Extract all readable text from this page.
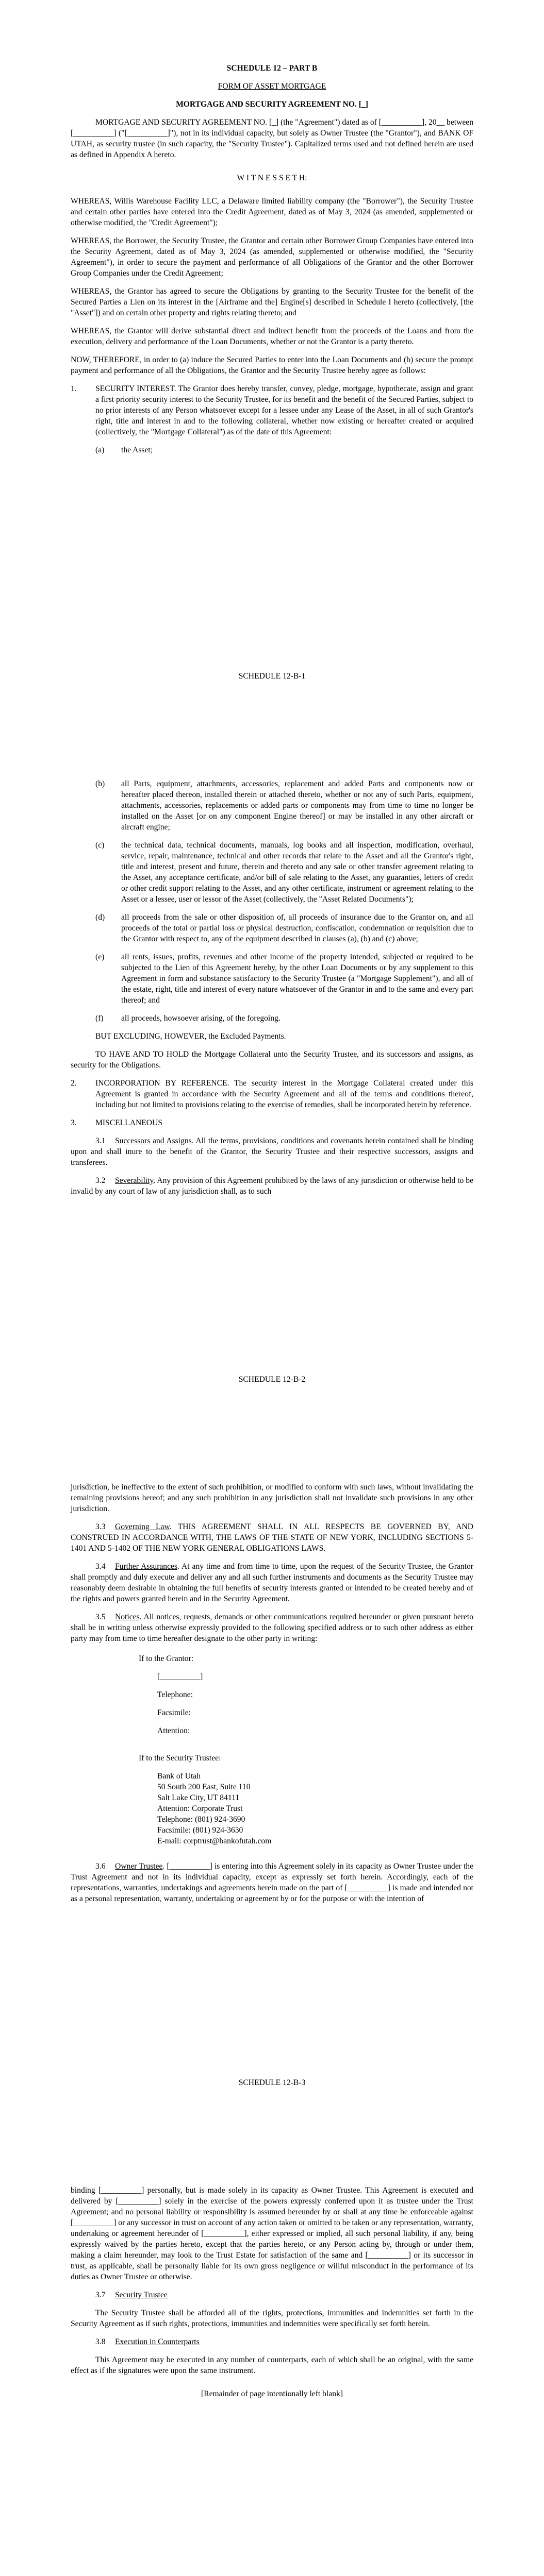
SCHEDULE 12 – PART B

FORM OF ASSET MORTGAGE

MORTGAGE AND SECURITY AGREEMENT NO. [_]

MORTGAGE AND SECURITY AGREEMENT NO. [_] (the "Agreement") dated as of [__________], 20__ between [__________] ("[__________]"), not in its individual capacity, but solely as Owner Trustee (the "Grantor"), and BANK OF UTAH, as security trustee (in such capacity, the "Security Trustee"). Capitalized terms used and not defined herein are used as defined in Appendix A hereto.

W I T N E S S E T H:

WHEREAS, Willis Warehouse Facility LLC, a Delaware limited liability company (the "Borrower"), the Security Trustee and certain other parties have entered into the Credit Agreement, dated as of May 3, 2024 (as amended, supplemented or otherwise modified, the "Credit Agreement");

WHEREAS, the Borrower, the Security Trustee, the Grantor and certain other Borrower Group Companies have entered into the Security Agreement, dated as of May 3, 2024 (as amended, supplemented or otherwise modified, the "Security Agreement"), in order to secure the payment and performance of all Obligations of the Grantor and the other Borrower Group Companies under the Credit Agreement;

WHEREAS, the Grantor has agreed to secure the Obligations by granting to the Security Trustee for the benefit of the Secured Parties a Lien on its interest in the [Airframe and the] Engine[s] described in Schedule I hereto (collectively, [the "Asset"]) and on certain other property and rights relating thereto; and

WHEREAS, the Grantor will derive substantial direct and indirect benefit from the proceeds of the Loans and from the execution, delivery and performance of the Loan Documents, whether or not the Grantor is a party thereto.

NOW, THEREFORE, in order to (a) induce the Secured Parties to enter into the Loan Documents and (b) secure the prompt payment and performance of all the Obligations, the Grantor and the Security Trustee hereby agree as follows:

1.	SECURITY INTEREST. The Grantor does hereby transfer, convey, pledge, mortgage, hypothecate, assign and grant a first priority security interest to the Security Trustee, for its benefit and the benefit of the Secured Parties, subject to no prior interests of any Person whatsoever except for a lessee under any Lease of the Asset, in all of such Grantor's right, title and interest in and to the following collateral, whether now existing or hereafter created or acquired (collectively, the "Mortgage Collateral") as of the date of this Agreement:
(a)	the Asset;

SCHEDULE 12-B-1

(b)	all Parts, equipment, attachments, accessories, replacement and added Parts and components now or hereafter placed thereon, installed therein or attached thereto, whether or not any of such Parts, equipment, attachments, accessories, replacements or added parts or components may from time to time no longer be installed on the Asset [or on any component Engine thereof] or may be installed in any other aircraft or aircraft engine;
(c)	the technical data, technical documents, manuals, log books and all inspection, modification, overhaul, service, repair, maintenance, technical and other records that relate to the Asset and all the Grantor's right, title and interest, present and future, therein and thereto and any sale or other transfer agreement relating to the Asset, any acceptance certificate, and/or bill of sale relating to the Asset, any guaranties, letters of credit or other credit support relating to the Asset, and any other certificate, instrument or agreement relating to the Asset or a lessee, user or lessor of the Asset (collectively, the "Asset Related Documents");
(d)	all proceeds from the sale or other disposition of, all proceeds of insurance due to the Grantor on, and all proceeds of the total or partial loss or physical destruction, confiscation, condemnation or requisition due to the Grantor with respect to, any of the equipment described in clauses (a), (b) and (c) above;
(e)	all rents, issues, profits, revenues and other income of the property intended, subjected or required to be subjected to the Lien of this Agreement hereby, by the other Loan Documents or by any supplement to this Agreement in form and substance satisfactory to the Security Trustee (a "Mortgage Supplement"), and all of the estate, right, title and interest of every nature whatsoever of the Grantor in and to the same and every part thereof; and
(f)	all proceeds, howsoever arising, of the foregoing.

BUT EXCLUDING, HOWEVER, the Excluded Payments.

TO HAVE AND TO HOLD the Mortgage Collateral unto the Security Trustee, and its successors and assigns, as security for the Obligations.

2.	INCORPORATION BY REFERENCE. The security interest in the Mortgage Collateral created under this Agreement is granted in accordance with the Security Agreement and all of the terms and conditions thereof, including but not limited to provisions relating to the exercise of remedies, shall be incorporated herein by reference.
3.	MISCELLANEOUS

3.1 Successors and Assigns. All the terms, provisions, conditions and covenants herein contained shall be binding upon and shall inure to the benefit of the Grantor, the Security Trustee and their respective successors, assigns and transferees.

3.2 Severability. Any provision of this Agreement prohibited by the laws of any jurisdiction or otherwise held to be invalid by any court of law of any jurisdiction shall, as to such

SCHEDULE 12-B-2

jurisdiction, be ineffective to the extent of such prohibition, or modified to conform with such laws, without invalidating the remaining provisions hereof; and any such prohibition in any jurisdiction shall not invalidate such provisions in any other jurisdiction.

3.3 Governing Law. THIS AGREEMENT SHALL IN ALL RESPECTS BE GOVERNED BY, AND CONSTRUED IN ACCORDANCE WITH, THE LAWS OF THE STATE OF NEW YORK, INCLUDING SECTIONS 5-1401 AND 5-1402 OF THE NEW YORK GENERAL OBLIGATIONS LAWS.

3.4 Further Assurances. At any time and from time to time, upon the request of the Security Trustee, the Grantor shall promptly and duly execute and deliver any and all such further instruments and documents as the Security Trustee may reasonably deem desirable in obtaining the full benefits of security interests granted or intended to be created hereby and of the rights and powers granted herein and in the Security Agreement.

3.5 Notices. All notices, requests, demands or other communications required hereunder or given pursuant hereto shall be in writing unless otherwise expressly provided to the following specified address or to such other address as either party may from time to time hereafter designate to the other party in writing:

If to the Grantor:

[__________]

Telephone:

Facsimile:

Attention:

If to the Security Trustee:

Bank of Utah

50 South 200 East, Suite 110

Salt Lake City, UT 84111

Attention: Corporate Trust

Telephone: (801) 924-3690

Facsimile: (801) 924-3630

E-mail: corptrust@bankofutah.com

3.6 Owner Trustee. [__________] is entering into this Agreement solely in its capacity as Owner Trustee under the Trust Agreement and not in its individual capacity, except as expressly set forth herein. Accordingly, each of the representations, warranties, undertakings and agreements herein made on the part of [__________] is made and intended not as a personal representation, warranty, undertaking or agreement by or for the purpose or with the intention of

SCHEDULE 12-B-3

binding [__________] personally, but is made solely in its capacity as Owner Trustee. This Agreement is executed and delivered by [__________] solely in the exercise of the powers expressly conferred upon it as trustee under the Trust Agreement; and no personal liability or responsibility is assumed hereunder by or shall at any time be enforceable against [__________] or any successor in trust on account of any action taken or omitted to be taken or any representation, warranty, undertaking or agreement hereunder of [__________], either expressed or implied, all such personal liability, if any, being expressly waived by the parties hereto, except that the parties hereto, or any Person acting by, through or under them, making a claim hereunder, may look to the Trust Estate for satisfaction of the same and [__________] or its successor in trust, as applicable, shall be personally liable for its own gross negligence or willful misconduct in the performance of its duties as Owner Trustee or otherwise.

3.7 Security Trustee

The Security Trustee shall be afforded all of the rights, protections, immunities and indemnities set forth in the Security Agreement as if such rights, protections, immunities and indemnities were specifically set forth herein.

3.8 Execution in Counterparts

This Agreement may be executed in any number of counterparts, each of which shall be an original, with the same effect as if the signatures were upon the same instrument.

[Remainder of page intentionally left blank]
